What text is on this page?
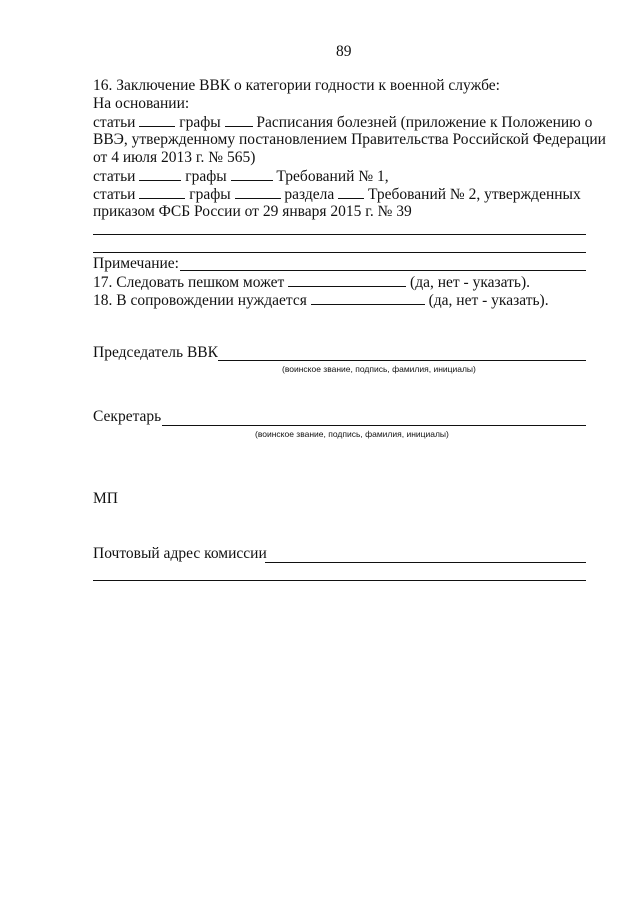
89
16. Заключение ВВК о категории годности к военной службе:
На основании:
статьи	графы Расписания болезней (приложение к Положению о
ВВЭ, утвержденному постановлением Правительства Российской Федерации
от 4 июля 2013 г. № 565)
статьи	графы	Требований № 1,
статьи	графы	раздела Требований № 2, утвержденных
приказом ФСБ России от 29 января 2015 г. № 39
Примечание:
17. Следовать пешком может	(да, нет - указать).
18. В сопровождении нуждается	(да, нет - указать).
Председатель ВВК
(воинское звание, подпись, фамилия, инициалы)
Секретарь
(воинское звание, подпись, фамилия, инициалы)
МП
Почтовый адрес комиссии
